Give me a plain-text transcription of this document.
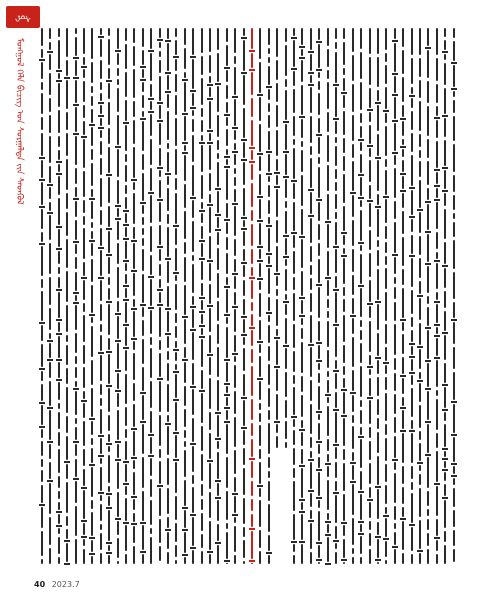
ᠰᠤᠷ
ᠮᠣᠩᠭᠣᠯ ᠬᠡᠯᠡ ᠪᠢᠴᠢᠭ ᠤᠨ ᠰᠤᠷᠭᠠᠯᠲᠠ ᠵᠢᠨ ᠰᠡᠳᠭᠦᠯ
40 2023.7
